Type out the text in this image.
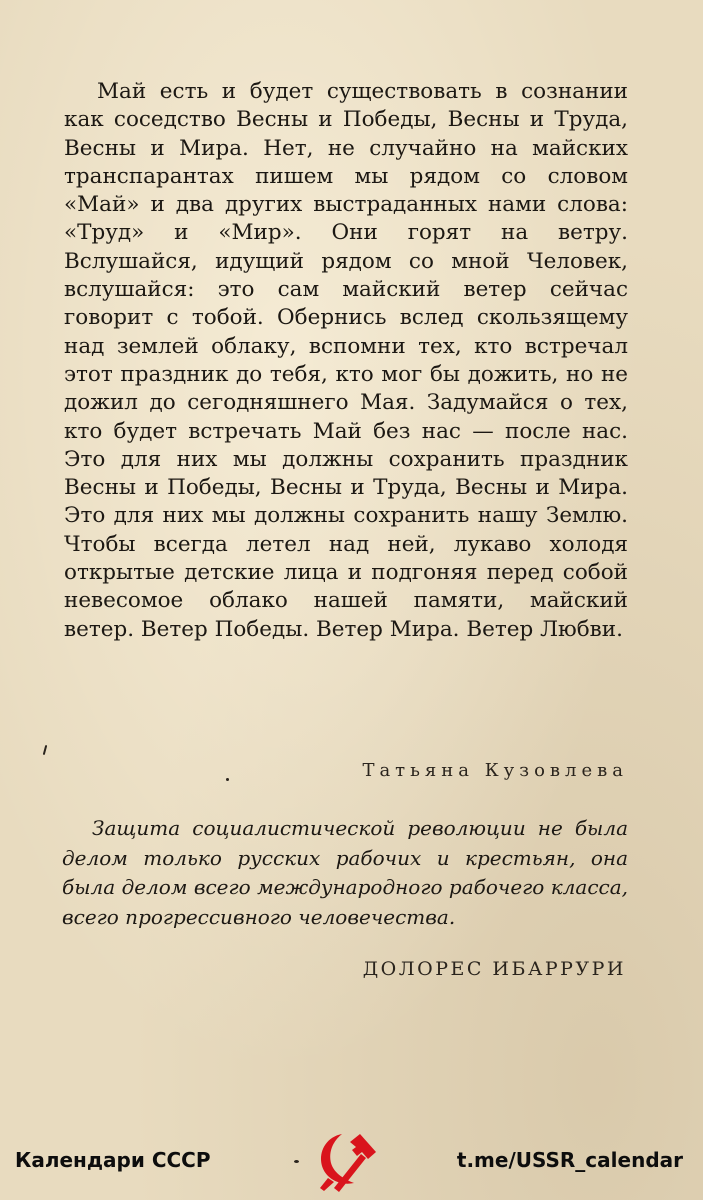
Май есть и будет существовать в сознании как соседство Весны и Победы, Весны и Труда, Весны и Мира. Нет, не случайно на майских транспарантах пишем мы рядом со словом «Май» и два других выстраданных нами слова: «Труд» и «Мир». Они горят на ветру. Вслушайся, идущий рядом со мной Человек, вслушайся: это сам майский ветер сейчас говорит с тобой. Обернись вслед скользящему над землей облаку, вспомни тех, кто встречал этот праздник до тебя, кто мог бы дожить, но не дожил до сегодняшнего Мая. Задумайся о тех, кто будет встречать Май без нас — после нас. Это для них мы должны сохранить праздник Весны и Победы, Весны и Труда, Весны и Мира. Это для них мы должны сохранить нашу Землю. Чтобы всегда летел над ней, лукаво холодя открытые детские лица и подгоняя перед собой невесомое облако нашей памяти, майский ветер. Ветер Победы. Ветер Мира. Ветер Любви.

Татьяна Кузовлева

Защита социалистической революции не была делом только русских рабочих и крестьян, она была делом всего международного рабочего класса, всего прогрессивного человечества.

ДОЛОРЕС ИБАРРУРИ
Календари СССР	t.me/USSR_calendar
